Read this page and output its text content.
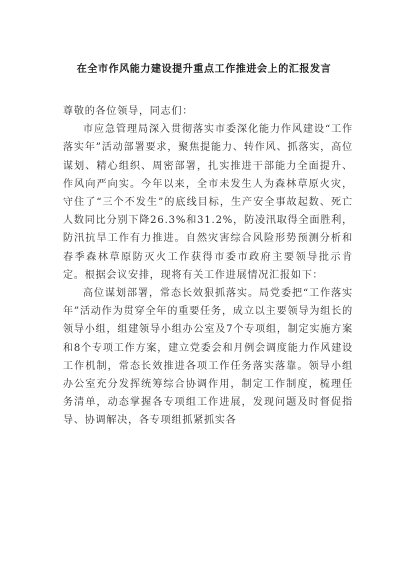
在全市作风能力建设提升重点工作推进会上的汇报发言

尊敬的各位领导，同志们：

市应急管理局深入贯彻落实市委深化能力作风建设“工作落实年”活动部署要求，聚焦提能力、转作风、抓落实，高位谋划、精心组织、周密部署，扎实推进干部能力全面提升、作风向严向实。今年以来，全市未发生人为森林草原火灾，守住了“三个不发生”的底线目标，生产安全事故起数、死亡人数同比分别下降26.3%和31.2%，防凌汛取得全面胜利，防汛抗旱工作有力推进。自然灾害综合风险形势预测分析和春季森林草原防灭火工作获得市委市政府主要领导批示肯定。根据会议安排，现将有关工作进展情况汇报如下：

高位谋划部署，常态长效狠抓落实。局党委把“工作落实年”活动作为贯穿全年的重要任务，成立以主要领导为组长的领导小组，组建领导小组办公室及7个专项组，制定实施方案和8个专项工作方案，建立党委会和月例会调度能力作风建设工作机制，常态长效推进各项工作任务落实落靠。领导小组办公室充分发挥统筹综合协调作用，制定工作制度，梳理任务清单，动态掌握各专项组工作进展，发现问题及时督促指导、协调解决，各专项组抓紧抓实各
